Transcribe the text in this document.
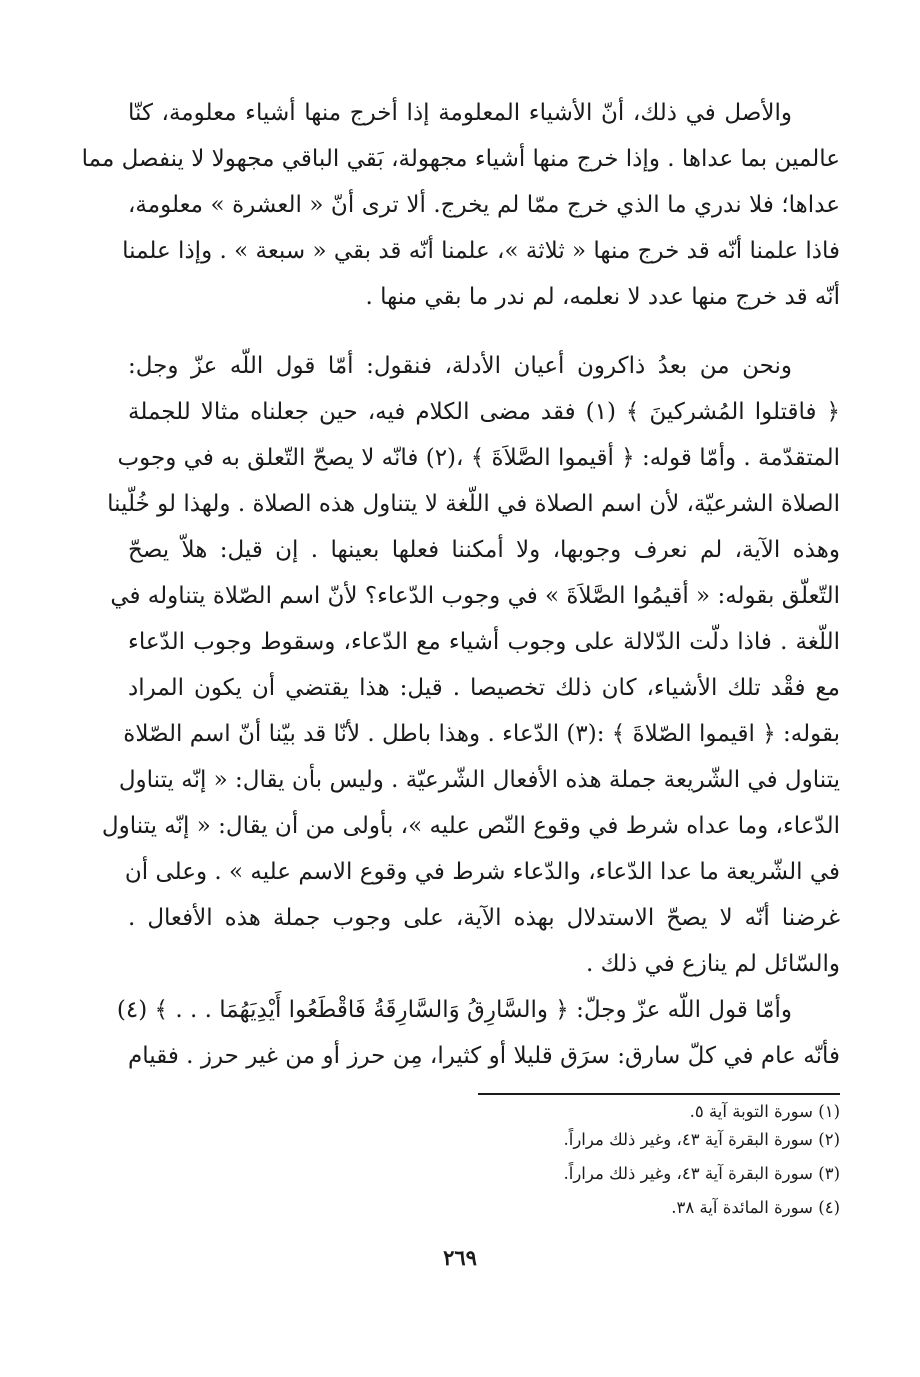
والأصل في ذلك، أنّ الأشياء المعلومة إذا أخرج منها أشياء معلومة، كنّا
عالمين بما عداها . وإذا خرج منها أشياء مجهولة، بَقي الباقي مجهولا لا ينفصل مما
عداها؛ فلا ندري ما الذي خرج ممّا لم يخرج. ألا ترى أنّ « العشرة » معلومة،
فاذا علمنا أنّه قد خرج منها « ثلاثة »، علمنا أنّه قد بقي « سبعة » . وإذا علمنا
أنّه قد خرج منها عدد لا نعلمه، لم ندر ما بقي منها .
ونحن من بعدُ ذاكرون أعيان الأدلة، فنقول: أمّا قول اللّه عزّ وجل:
﴿ فاقتلوا المُشركينَ ﴾ (١) فقد مضى الكلام فيه، حين جعلناه مثالا للجملة
المتقدّمة . وأمّا قوله: ﴿ أقيموا الصَّلاَةَ ﴾ ،(٢) فانّه لا يصحّ التّعلق به في وجوب
الصلاة الشرعيّة، لأن اسم الصلاة في اللّغة لا يتناول هذه الصلاة . ولهذا لو خُلّينا
وهذه الآية، لم نعرف وجوبها، ولا أمكننا فعلها بعينها . إن قيل: هلاّ يصحّ
التّعلّق بقوله: « أقيمُوا الصَّلاَةَ » في وجوب الدّعاء؟ لأنّ اسم الصّلاة يتناوله في
اللّغة . فاذا دلّت الدّلالة على وجوب أشياء مع الدّعاء، وسقوط وجوب الدّعاء
مع فقْد تلك الأشياء، كان ذلك تخصيصا . قيل: هذا يقتضي أن يكون المراد
بقوله: ﴿ اقيموا الصّلاةَ ﴾ :(٣) الدّعاء . وهذا باطل . لأنّا قد بيّنا أنّ اسم الصّلاة
يتناول في الشّريعة جملة هذه الأفعال الشّرعيّة . وليس بأن يقال: « إنّه يتناول
الدّعاء، وما عداه شرط في وقوع النّص عليه »، بأولى من أن يقال: « إنّه يتناول
في الشّريعة ما عدا الدّعاء، والدّعاء شرط في وقوع الاسم عليه » . وعلى أن
غرضنا أنّه لا يصحّ الاستدلال بهذه الآية، على وجوب جملة هذه الأفعال .
والسّائل لم ينازع في ذلك .
وأمّا قول اللّه عزّ وجلّ: ﴿ والسَّارِقُ وَالسَّارِقَةُ فَاقْطَعُوا أَيْدِيَهُمَا . . . ﴾ (٤)
فأنّه عام في كلّ سارق: سرَق قليلا أو كثيرا، مِن حرز أو من غير حرز . فقيام
(١) سورة التوبة آية ٥.
(٢) سورة البقرة آية ٤٣، وغير ذلك مراراً.
(٣) سورة البقرة آية ٤٣، وغير ذلك مراراً.
(٤) سورة المائدة آية ٣٨.
٢٦٩
